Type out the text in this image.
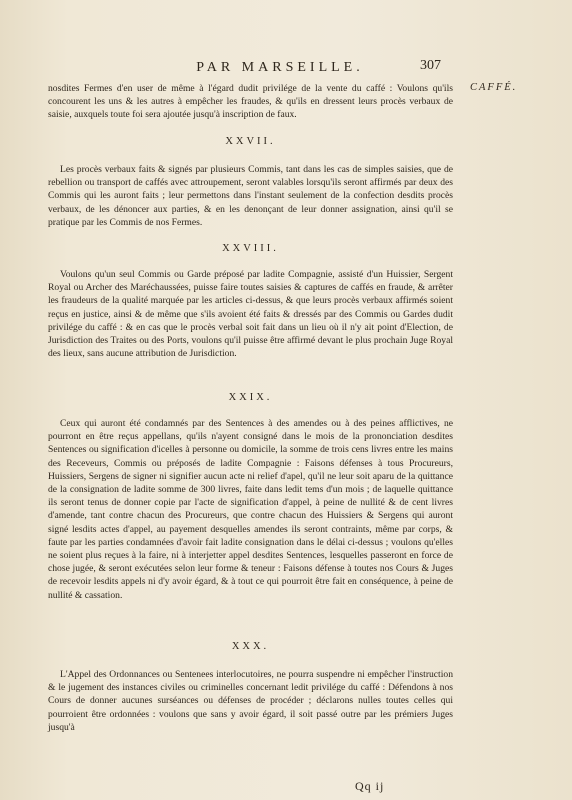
PAR MARSEILLE.	307
CAFFÉ.
nosdites Fermes d'en user de même à l'égard dudit privilége de la vente du caffé : Voulons qu'ils concourent les uns & les autres à empêcher les fraudes, & qu'ils en dressent leurs procès verbaux de saisie, auxquels toute foi sera ajoutée jusqu'à inscription de faux.
XXVII.
Les procès verbaux faits & signés par plusieurs Commis, tant dans les cas de simples saisies, que de rebellion ou transport de caffés avec attroupement, seront valables lorsqu'ils seront affirmés par deux des Commis qui les auront faits ; leur permettons dans l'instant seulement de la confection desdits procès verbaux, de les dénoncer aux parties, & en les denonçant de leur donner assignation, ainsi qu'il se pratique par les Commis de nos Fermes.
XXVIII.
Voulons qu'un seul Commis ou Garde préposé par ladite Compagnie, assisté d'un Huissier, Sergent Royal ou Archer des Maréchaussées, puisse faire toutes saisies & captures de caffés en fraude, & arrêter les fraudeurs de la qualité marquée par les articles ci-dessus, & que leurs procès verbaux affirmés soient reçus en justice, ainsi & de même que s'ils avoient été faits & dressés par des Commis ou Gardes dudit privilége du caffé : & en cas que le procès verbal soit fait dans un lieu où il n'y ait point d'Election, de Jurisdiction des Traites ou des Ports, voulons qu'il puisse être affirmé devant le plus prochain Juge Royal des lieux, sans aucune attribution de Jurisdiction.
XXIX.
Ceux qui auront été condamnés par des Sentences à des amendes ou à des peines afflictives, ne pourront en être reçus appellans, qu'ils n'ayent consigné dans le mois de la prononciation desdites Sentences ou signification d'icelles à personne ou domicile, la somme de trois cens livres entre les mains des Receveurs, Commis ou préposés de ladite Compagnie : Faisons défenses à tous Procureurs, Huissiers, Sergens de signer ni signifier aucun acte ni relief d'apel, qu'il ne leur soit aparu de la quittance de la consignation de ladite somme de 300 livres, faite dans ledit tems d'un mois ; de laquelle quittance ils seront tenus de donner copie par l'acte de signification d'appel, à peine de nullité & de cent livres d'amende, tant contre chacun des Procureurs, que contre chacun des Huissiers & Sergens qui auront signé lesdits actes d'appel, au payement desquelles amendes ils seront contraints, même par corps, & faute par les parties condamnées d'avoir fait ladite consignation dans le délai ci-dessus ; voulons qu'elles ne soient plus reçues à la faire, ni à interjetter appel desdites Sentences, lesquelles passeront en force de chose jugée, & seront exécutées selon leur forme & teneur : Faisons défense à toutes nos Cours & Juges de recevoir lesdits appels ni d'y avoir égard, & à tout ce qui pourroit être fait en conséquence, à peine de nullité & cassation.
XXX.
L'Appel des Ordonnances ou Sentenees interlocutoires, ne pourra suspendre ni empêcher l'instruction & le jugement des instances civiles ou criminelles concernant ledit privilége du caffé : Défendons à nos Cours de donner aucunes surséances ou défenses de procéder ; déclarons nulles toutes celles qui pourroient être ordonnées : voulons que sans y avoir égard, il soit passé outre par les prémiers Juges jusqu'à
Qq ij
